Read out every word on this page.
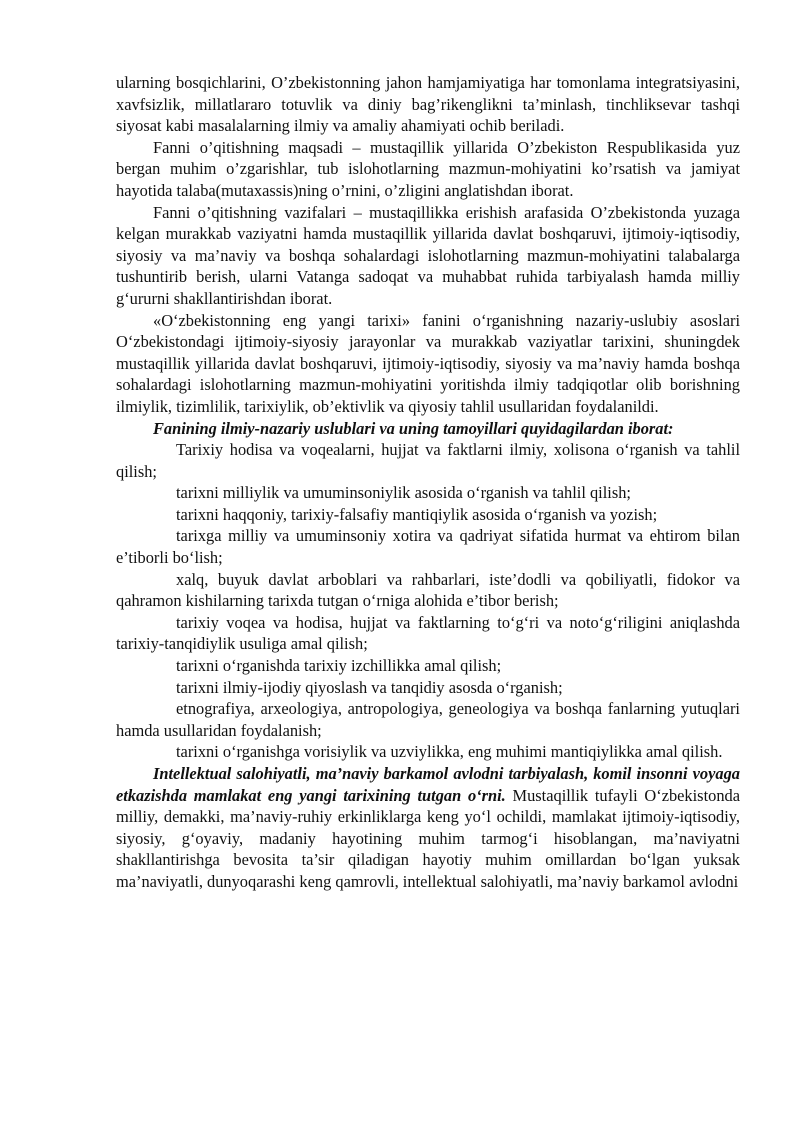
ularning bosqichlarini, O’zbekistonning jahon hamjamiyatiga har tomonlama integratsiyasini, xavfsizlik, millatlararo totuvlik va diniy bag’rikenglikni ta’minlash, tinchliksevar tashqi siyosat kabi masalalarning ilmiy va amaliy ahamiyati ochib beriladi.

Fanni o’qitishning maqsadi – mustaqillik yillarida O’zbekiston Respublikasida yuz bergan muhim o’zgarishlar, tub islohotlarning mazmun-mohiyatini ko’rsatish va jamiyat hayotida talaba(mutaxassis)ning o’rnini, o’zligini anglatishdan iborat.

Fanni o’qitishning vazifalari – mustaqillikka erishish arafasida O’zbekistonda yuzaga kelgan murakkab vaziyatni hamda mustaqillik yillarida davlat boshqaruvi, ijtimoiy-iqtisodiy, siyosiy va ma’naviy va boshqa sohalardagi islohotlarning mazmun-mohiyatini talabalarga tushuntirib berish, ularni Vatanga sadoqat va muhabbat ruhida tarbiyalash hamda milliy g‘ururni shakllantirishdan iborat.

«O‘zbekistonning eng yangi tarixi» fanini o‘rganishning nazariy-uslubiy asoslari O‘zbekistondagi ijtimoiy-siyosiy jarayonlar va murakkab vaziyatlar tarixini, shuningdek mustaqillik yillarida davlat boshqaruvi, ijtimoiy-iqtisodiy, siyosiy va ma’naviy hamda boshqa sohalardagi islohotlarning mazmun-mohiyatini yoritishda ilmiy tadqiqotlar olib borishning ilmiylik, tizimlilik, tarixiylik, ob’ektivlik va qiyosiy tahlil usullaridan foydalanildi.

Fanining ilmiy-nazariy uslublari va uning tamoyillari quyidagilardan iborat:

Tarixiy hodisa va voqealarni, hujjat va faktlarni ilmiy, xolisona o‘rganish va tahlil qilish;

tarixni milliylik va umuminsoniylik asosida o‘rganish va tahlil qilish;

tarixni haqqoniy, tarixiy-falsafiy mantiqiylik asosida o‘rganish va yozish;

tarixga milliy va umuminsoniy xotira va qadriyat sifatida hurmat va ehtirom bilan e’tiborli bo‘lish;

xalq, buyuk davlat arboblari va rahbarlari, iste’dodli va qobiliyatli, fidokor va qahramon kishilarning tarixda tutgan o‘rniga alohida e’tibor berish;

tarixiy voqea va hodisa, hujjat va faktlarning to‘g‘ri va noto‘g‘riligini aniqlashda tarixiy-tanqidiylik usuliga amal qilish;

tarixni o‘rganishda tarixiy izchillikka amal qilish;

tarixni ilmiy-ijodiy qiyoslash va tanqidiy asosda o‘rganish;

etnografiya, arxeologiya, antropologiya, geneologiya va boshqa fanlarning yutuqlari hamda usullaridan foydalanish;

tarixni o‘rganishga vorisiylik va uzviylikka, eng muhimi mantiqiylikka amal qilish.

Intellektual salohiyatli, ma’naviy barkamol avlodni tarbiyalash, komil insonni voyaga etkazishda mamlakat eng yangi tarixining tutgan o‘rni. Mustaqillik tufayli O‘zbekistonda milliy, demakki, ma’naviy-ruhiy erkinliklarga keng yo‘l ochildi, mamlakat ijtimoiy-iqtisodiy, siyosiy, g‘oyaviy, madaniy hayotining muhim tarmog‘i hisoblangan, ma’naviyatni shakllantirishga bevosita ta’sir qiladigan hayotiy muhim omillardan bo‘lgan yuksak ma’naviyatli, dunyoqarashi keng qamrovli, intellektual salohiyatli, ma’naviy barkamol avlodni
